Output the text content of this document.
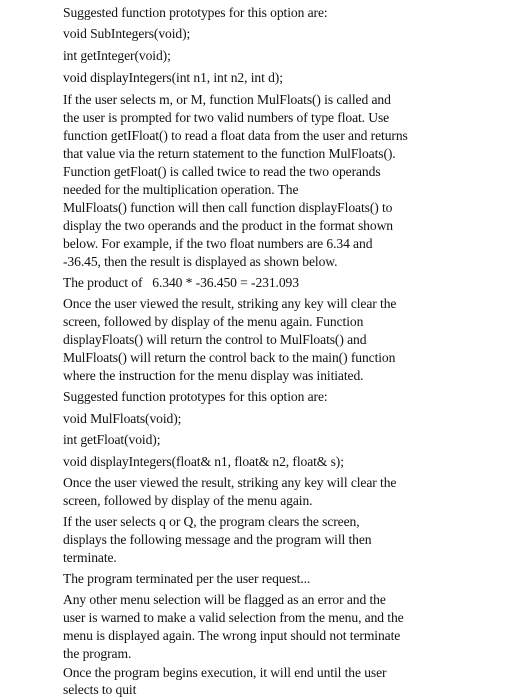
Suggested function prototypes for this option are:
void SubIntegers(void);
int getInteger(void);
void displayIntegers(int n1, int n2, int d);
If the user selects m, or M, function MulFloats() is called and
the user is prompted for two valid numbers of type float. Use
function getIFloat() to read a float data from the user and returns
that value via the return statement to the function MulFloats().
Function getFloat() is called twice to read the two operands
needed for the multiplication operation. The
MulFloats() function will then call function displayFloats() to
display the two operands and the product in the format shown
below. For example, if the two float numbers are 6.34 and
-36.45, then the result is displayed as shown below.
The product of   6.340 * -36.450 = -231.093
Once the user viewed the result, striking any key will clear the
screen, followed by display of the menu again. Function
displayFloats() will return the control to MulFloats() and
MulFloats() will return the control back to the main() function
where the instruction for the menu display was initiated.
Suggested function prototypes for this option are:
void MulFloats(void);
int getFloat(void);
void displayIntegers(float& n1, float& n2, float& s);
Once the user viewed the result, striking any key will clear the
screen, followed by display of the menu again.
If the user selects q or Q, the program clears the screen,
displays the following message and the program will then
terminate.
The program terminated per the user request...
Any other menu selection will be flagged as an error and the
user is warned to make a valid selection from the menu, and the
menu is displayed again. The wrong input should not terminate
the program.
Once the program begins execution, it will end until the user
selects to quit
